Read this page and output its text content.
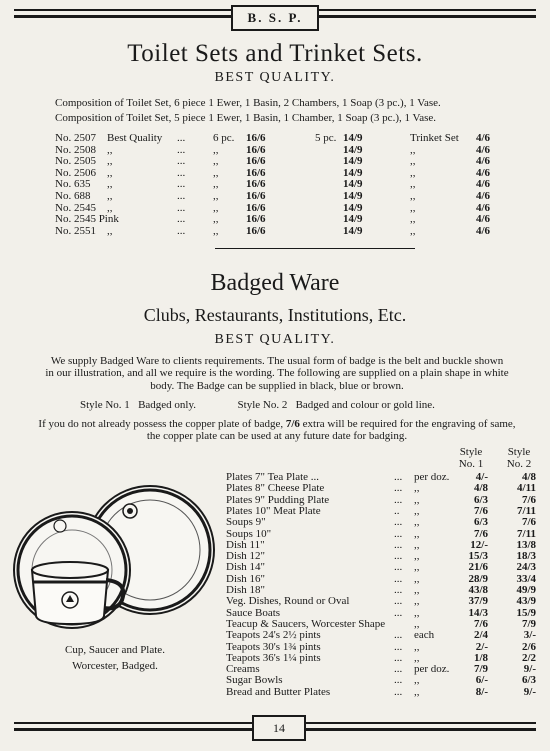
B. S. P.
Toilet Sets and Trinket Sets.
BEST QUALITY.
Composition of Toilet Set, 6 piece 1 Ewer, 1 Basin, 2 Chambers, 1 Soap (3 pc.), 1 Vase.
Composition of Toilet Set, 5 piece 1 Ewer, 1 Basin, 1 Chamber, 1 Soap (3 pc.), 1 Vase.
No. 2507 Best Quality ...	6 pc. 16/6	5 pc. 14/9	Trinket Set 4/6
No. 2508 ,,	...	,,	16/6	14/9	,,	4/6
No. 2505 ,,	...	,,	16/6	14/9	,,	4/6
No. 2506 ,,	...	,,	16/6	14/9	,,	4/6
No. 635 ,,	...	,,	16/6	14/9	,,	4/6
No. 688 ,,	...	,,	16/6	14/9	,,	4/6
No. 2545 ,,	...	,,	16/6	14/9	,,	4/6
No. 2545 Pink	...	,,	16/6	14/9	,,	4/6
No. 2551 ,,	...	,,	16/6	14/9	,,	4/6
Badged Ware
Clubs, Restaurants, Institutions, Etc.
BEST QUALITY.
We supply Badged Ware to clients requirements. The usual form of badge is the belt and buckle shown
in our illustration, and all we require is the wording. The following are supplied on a plain shape in white
body. The Badge can be supplied in black, blue or brown.
Style No. 1 Badged only.	Style No. 2 Badged and colour or gold line.
If you do not already possess the copper plate of badge, 7/6 extra will be required for the engraving of same,
the copper plate can be used at any future date for badging.
Style
No. 1
Style
No. 2
Plates 7" Tea Plate ...	... per doz.	4/-	4/8
Plates 8" Cheese Plate	... ,,	4/8	4/11
Plates 9" Pudding Plate	... ,,	6/3	7/6
Plates 10" Meat Plate	.. ,,	7/6	7/11
Soups 9"	... ,,	6/3	7/6
Soups 10"	... ,,	7/6	7/11
Dish 11"	... ,,	12/-	13/8
Dish 12"	... ,,	15/3	18/3
Dish 14"	... ,,	21/6	24/3
Dish 16"	... ,,	28/9	33/4
Dish 18"	... ,,	43/8	49/9
Veg. Dishes, Round or Oval	... ,,	37/9	43/9
Sauce Boats	... ,,	14/3	15/9
Teacup & Saucers, Worcester Shape	,,	7/6	7/9
Teapots 24's 2½ pints	... each	2/4	3/-
Teapots 30's 1¾ pints	... ,,	2/-	2/6
Teapots 36's 1¼ pints	... ,,	1/8	2/2
Creams	... per doz.	7/9	9/-
Sugar Bowls	... ,,	6/-	6/3
Bread and Butter Plates	... ,,	8/-	9/-
Cup, Saucer and Plate.
Worcester, Badged.
14
